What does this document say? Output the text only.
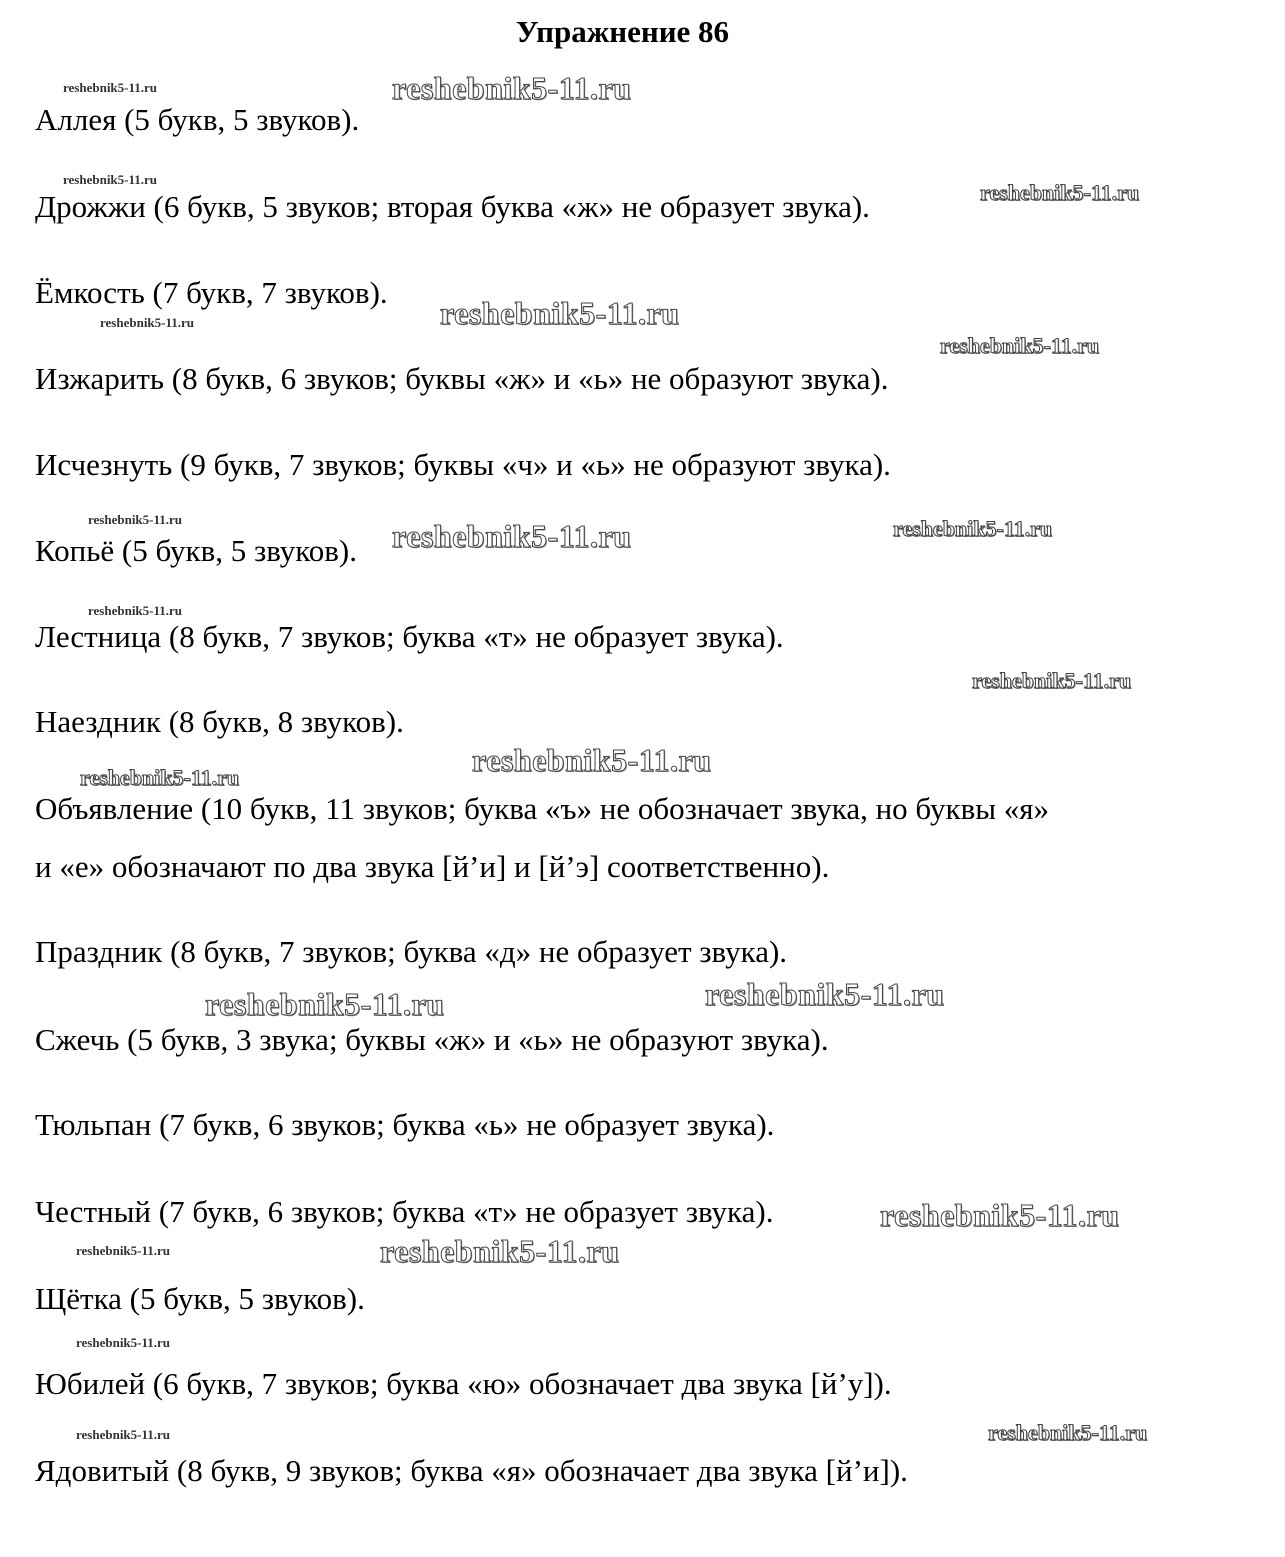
Упражнение 86
Аллея (5 букв, 5 звуков).
Дрожжи (6 букв, 5 звуков; вторая буква «ж» не образует звука).
Ёмкость (7 букв, 7 звуков).
Изжарить (8 букв, 6 звуков; буквы «ж» и «ь» не образуют звука).
Исчезнуть (9 букв, 7 звуков; буквы «ч» и «ь» не образуют звука).
Копьё (5 букв, 5 звуков).
Лестница (8 букв, 7 звуков; буква «т» не образует звука).
Наездник (8 букв, 8 звуков).
Объявление (10 букв, 11 звуков; буква «ъ» не обозначает звука, но буквы «я»
и «е» обозначают по два звука [й’и] и [й’э] соответственно).
Праздник (8 букв, 7 звуков; буква «д» не образует звука).
Сжечь (5 букв, 3 звука; буквы «ж» и «ь» не образуют звука).
Тюльпан (7 букв, 6 звуков; буква «ь» не образует звука).
Честный (7 букв, 6 звуков; буква «т» не образует звука).
Щётка (5 букв, 5 звуков).
Юбилей (6 букв, 7 звуков; буква «ю» обозначает два звука [й’у]).
Ядовитый (8 букв, 9 звуков; буква «я» обозначает два звука [й’и]).
reshebnik5-11.ru	reshebnik5-11.ru
reshebnik5-11.ru
reshebnik5-11.ru
reshebnik5-11.ru
reshebnik5-11.ru
reshebnik5-11.ru
reshebnik5-11.ru	reshebnik5-11.ru	reshebnik5-11.ru
reshebnik5-11.ru
reshebnik5-11.ru
reshebnik5-11.ru
reshebnik5-11.ru
reshebnik5-11.ru	reshebnik5-11.ru
reshebnik5-11.ru
reshebnik5-11.ru	reshebnik5-11.ru
reshebnik5-11.ru
reshebnik5-11.ru	reshebnik5-11.ru
